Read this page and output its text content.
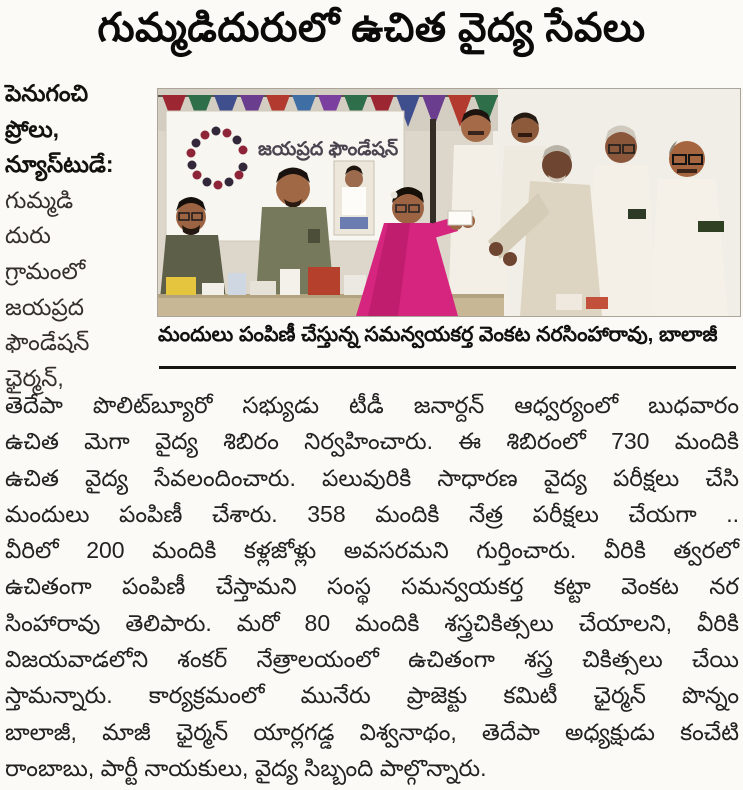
గుమ్మడిదురులో ఉచిత వైద్య సేవలు
పెనుగంచి
ప్రోలు,
న్యూస్‌టుడే:
గుమ్మడి
దురు
గ్రామంలో
జయప్రద
ఫౌండేషన్
ఛైర్మన్,
జయప్రద ఫౌండేషన్
మందులు పంపిణీ చేస్తున్న సమన్వయకర్త వెంకట నరసింహారావు, బాలాజీ
తెదేపా పొలిట్‌బ్యూరో సభ్యుడు టీడీ జనార్దన్ ఆధ్వర్యంలో బుధవారం
ఉచిత మెగా వైద్య శిబిరం నిర్వహించారు. ఈ శిబిరంలో 730 మందికి
ఉచిత వైద్య సేవలందించారు. పలువురికి సాధారణ వైద్య పరీక్షలు చేసి
మందులు పంపిణీ చేశారు. 358 మందికి నేత్ర పరీక్షలు చేయగా ..
వీరిలో 200 మందికి కళ్లజోళ్లు అవసరమని గుర్తించారు. వీరికి త్వరలో
ఉచితంగా పంపిణీ చేస్తామని సంస్థ సమన్వయకర్త కట్టా వెంకట నర
సింహారావు తెలిపారు. మరో 80 మందికి శస్త్రచికిత్సలు చేయాలని, వీరికి
విజయవాడలోని శంకర్ నేత్రాలయంలో ఉచితంగా శస్త్ర చికిత్సలు చేయి
స్తామన్నారు. కార్యక్రమంలో మునేరు ప్రాజెక్టు కమిటీ ఛైర్మన్ పొన్నం
బాలాజీ, మాజీ ఛైర్మన్ యార్లగడ్డ విశ్వనాథం, తెదేపా అధ్యక్షుడు కంచేటి
రాంబాబు, పార్టీ నాయకులు, వైద్య సిబ్బంది పాల్గొన్నారు.
